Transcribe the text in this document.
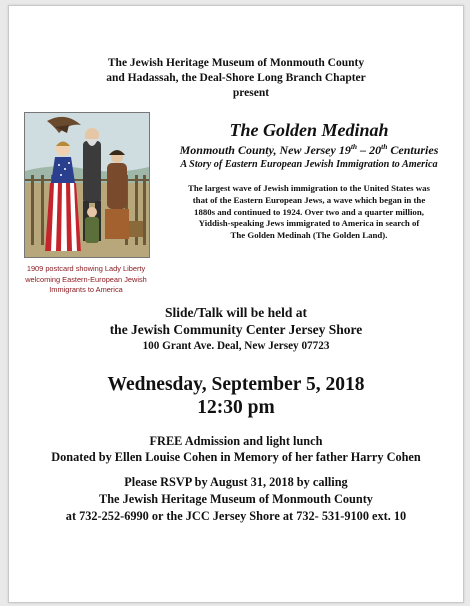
The Jewish Heritage Museum of Monmouth County
and Hadassah, the Deal-Shore Long Branch Chapter
present
1909 postcard showing Lady Liberty
welcoming Eastern-European Jewish
Immigrants to America
The Golden Medinah
Monmouth County, New Jersey 19th – 20th Centuries
A Story of Eastern European Jewish Immigration to America
The largest wave of Jewish immigration to the United States was
that of the Eastern European Jews, a wave which began in the
1880s and continued to 1924. Over two and a quarter million,
Yiddish-speaking Jews immigrated to America in search of
The Golden Medinah (The Golden Land).
Slide/Talk will be held at
the Jewish Community Center Jersey Shore
100 Grant Ave. Deal, New Jersey 07723
Wednesday, September 5, 2018
12:30 pm
FREE Admission and light lunch
Donated by Ellen Louise Cohen in Memory of her father Harry Cohen
Please RSVP by August 31, 2018 by calling
The Jewish Heritage Museum of Monmouth County
at 732-252-6990 or the JCC Jersey Shore at 732- 531-9100 ext. 10
